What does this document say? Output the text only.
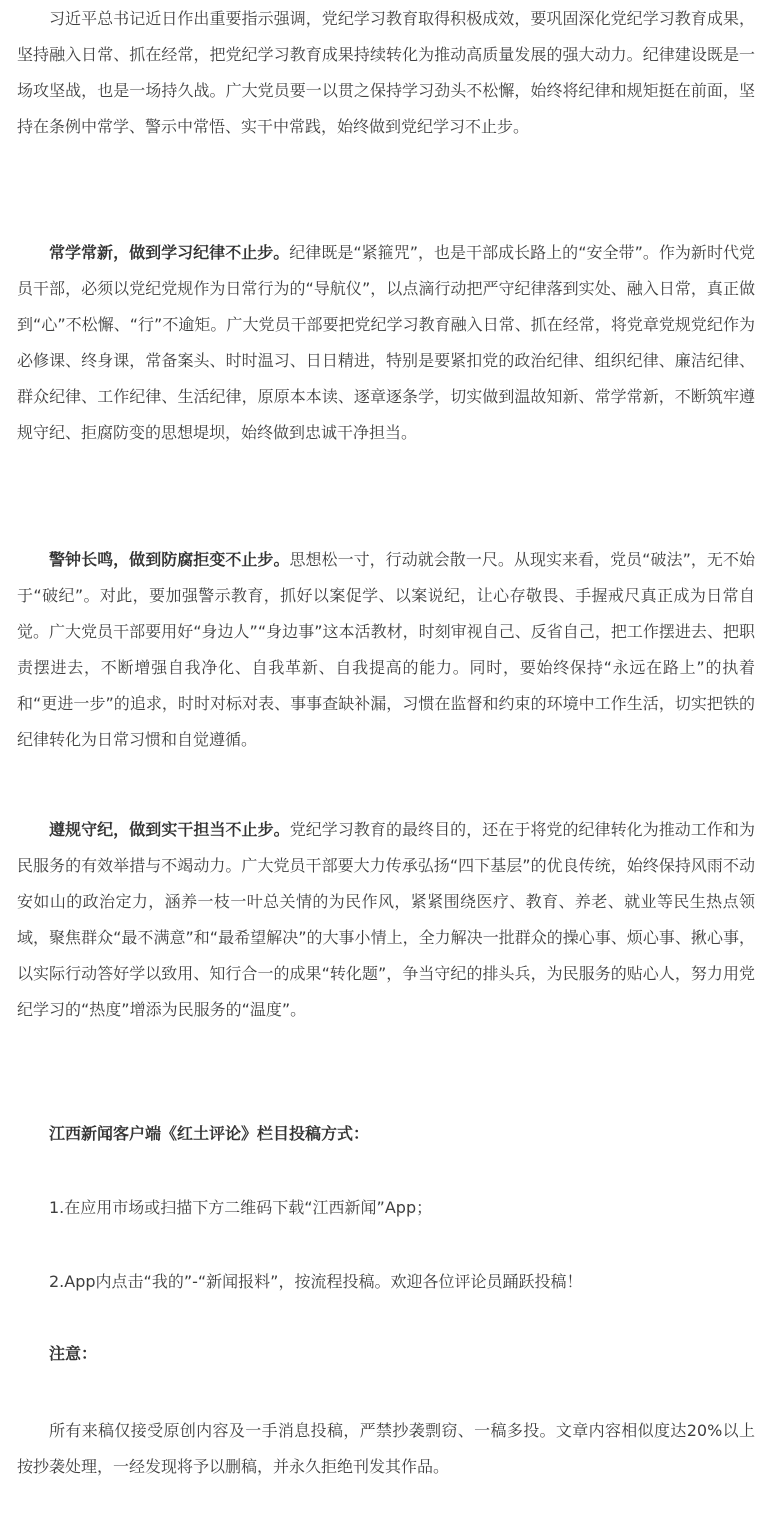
习近平总书记近日作出重要指示强调，党纪学习教育取得积极成效，要巩固深化党纪学习教育成果，坚持融入日常、抓在经常，把党纪学习教育成果持续转化为推动高质量发展的强大动力。纪律建设既是一场攻坚战，也是一场持久战。广大党员要一以贯之保持学习劲头不松懈，始终将纪律和规矩挺在前面，坚持在条例中常学、警示中常悟、实干中常践，始终做到党纪学习不止步。

常学常新，做到学习纪律不止步。纪律既是“紧箍咒”，也是干部成长路上的“安全带”。作为新时代党员干部，必须以党纪党规作为日常行为的“导航仪”，以点滴行动把严守纪律落到实处、融入日常，真正做到“心”不松懈、“行”不逾矩。广大党员干部要把党纪学习教育融入日常、抓在经常，将党章党规党纪作为必修课、终身课，常备案头、时时温习、日日精进，特别是要紧扣党的政治纪律、组织纪律、廉洁纪律、群众纪律、工作纪律、生活纪律，原原本本读、逐章逐条学，切实做到温故知新、常学常新，不断筑牢遵规守纪、拒腐防变的思想堤坝，始终做到忠诚干净担当。

警钟长鸣，做到防腐拒变不止步。思想松一寸，行动就会散一尺。从现实来看，党员“破法”，无不始于“破纪”。对此，要加强警示教育，抓好以案促学、以案说纪，让心存敬畏、手握戒尺真正成为日常自觉。广大党员干部要用好“身边人”“身边事”这本活教材，时刻审视自己、反省自己，把工作摆进去、把职责摆进去，不断增强自我净化、自我革新、自我提高的能力。同时，要始终保持“永远在路上”的执着和“更进一步”的追求，时时对标对表、事事查缺补漏，习惯在监督和约束的环境中工作生活，切实把铁的纪律转化为日常习惯和自觉遵循。

遵规守纪，做到实干担当不止步。党纪学习教育的最终目的，还在于将党的纪律转化为推动工作和为民服务的有效举措与不竭动力。广大党员干部要大力传承弘扬“四下基层”的优良传统，始终保持风雨不动安如山的政治定力，涵养一枝一叶总关情的为民作风，紧紧围绕医疗、教育、养老、就业等民生热点领域，聚焦群众“最不满意”和“最希望解决”的大事小情上，全力解决一批群众的操心事、烦心事、揪心事，以实际行动答好学以致用、知行合一的成果“转化题”，争当守纪的排头兵，为民服务的贴心人，努力用党纪学习的“热度”增添为民服务的“温度”。

江西新闻客户端《红土评论》栏目投稿方式：

1.在应用市场或扫描下方二维码下载“江西新闻”App；

2.App内点击“我的”-“新闻报料”，按流程投稿。欢迎各位评论员踊跃投稿！

注意：

所有来稿仅接受原创内容及一手消息投稿，严禁抄袭剽窃、一稿多投。文章内容相似度达20%以上按抄袭处理，一经发现将予以删稿，并永久拒绝刊发其作品。
